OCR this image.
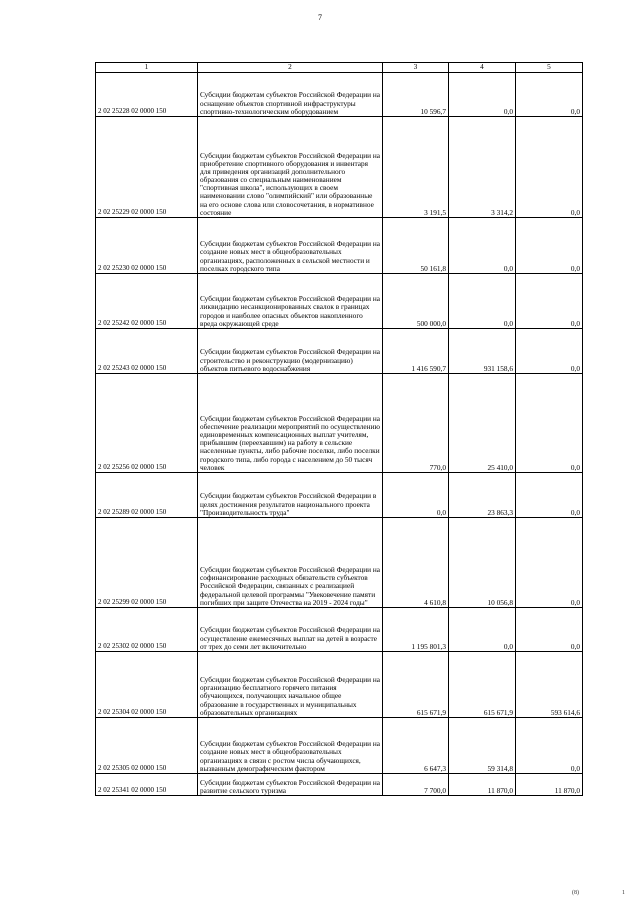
7
1	2	3	4	5
2 02 25228 02 0000 150	Субсидии бюджетам субъектов Российской Федерации на оснащение объектов спортивной инфраструктуры спортивно-технологическим оборудованием	10 596,7	0,0	0,0
2 02 25229 02 0000 150	Субсидии бюджетам субъектов Российской Федерации на приобретение спортивного оборудования и инвентаря для приведения организаций дополнительного образования со специальным наименованием "спортивная школа", использующих в своем наименовании слово "олимпийский" или образованные на его основе слова или словосочетания, в нормативное состояние	3 191,5	3 314,2	0,0
2 02 25230 02 0000 150	Субсидии бюджетам субъектов Российской Федерации на создание новых мест в общеобразовательных организациях, расположенных в сельской местности и поселках городского типа	50 161,8	0,0	0,0
2 02 25242 02 0000 150	Субсидии бюджетам субъектов Российской Федерации на ликвидацию несанкционированных свалок в границах городов и наиболее опасных объектов накопленного вреда окружающей среде	500 000,0	0,0	0,0
2 02 25243 02 0000 150	Субсидии бюджетам субъектов Российской Федерации на строительство и реконструкцию (модернизацию) объектов питьевого водоснабжения	1 416 590,7	931 158,6	0,0
2 02 25256 02 0000 150	Субсидии бюджетам субъектов Российской Федерации на обеспечение реализации мероприятий по осуществлению единовременных компенсационных выплат учителям, прибывшим (переехавшим) на работу в сельские населенные пункты, либо рабочие поселки, либо поселки городского типа, либо города с населением до 50 тысяч человек	770,0	25 410,0	0,0
2 02 25289 02 0000 150	Субсидии бюджетам субъектов Российской Федерации в целях достижения результатов национального проекта "Производительность труда"	0,0	23 863,3	0,0
2 02 25299 02 0000 150	Субсидии бюджетам субъектов Российской Федерации на софинансирование расходных обязательств субъектов Российской Федерации, связанных с реализацией федеральной целевой программы "Увековечение памяти погибших при защите Отечества на 2019 - 2024 годы"	4 610,8	10 056,8	0,0
2 02 25302 02 0000 150	Субсидии бюджетам субъектов Российской Федерации на осуществление ежемесячных выплат на детей в возрасте от трех до семи лет включительно	1 195 801,3	0,0	0,0
2 02 25304 02 0000 150	Субсидии бюджетам субъектов Российской Федерации на организацию бесплатного горячего питания обучающихся, получающих начальное общее образование в государственных и муниципальных образовательных организациях	615 671,9	615 671,9	593 614,6
2 02 25305 02 0000 150	Субсидии бюджетам субъектов Российской Федерации на создание новых мест в общеобразовательных организациях в связи с ростом числа обучающихся, вызванным демографическим фактором	6 647,3	59 314,8	0,0
2 02 25341 02 0000 150	Субсидии бюджетам субъектов Российской Федерации на развитие сельского туризма	7 700,0	11 870,0	11 870,0
(8)	1
